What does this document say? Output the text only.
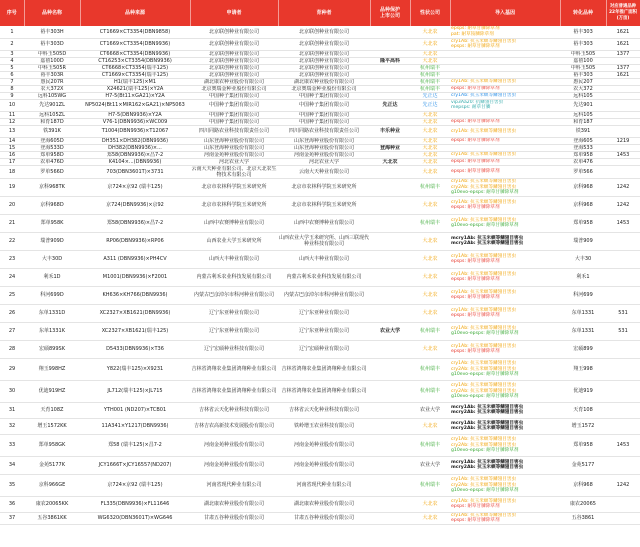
序号	品种名称	品种来源	申请者	育种者	品种保护
上市公司	性状公司	导入基因	转化品种	对应普通品种
22年推广面积
(万亩)
1	裕丰303H	CT1669×CT3354(DBN9858)	北京联创种业有限公司	北京联创种业有限公司		大北农	epsps: 耐草甘膦除草剂
pat: 耐草铵膦除草剂	裕丰303	1621
2	裕丰303D	CT1669×CT3354(DBN9936)	北京联创种业有限公司	北京联创种业有限公司		大北农	cry1Ab: 抗玉米螟等鳞翅目害虫
epsps: 耐草甘膦除草剂	裕丰303	1621
3	中科玉505D	CT6668×CT3354(DBN9936)	北京联创种业有限公司	北京联创种业有限公司		大北农		中科玉505	1377
4	嘉禧100D	CT16253×CT3354(DBN9936)	北京联创种业有限公司	北京联创种业有限公司	隆平高科	大北农		嘉禧100	
5	中科玉505R	CT6668×CT3354(瑞丰125)	北京联创种业有限公司	北京联创种业有限公司		杭州瑞丰		中科玉505	1377
6	裕丰303R	CT1669×CT3354(瑞丰125)	北京联创种业有限公司	北京联创种业有限公司		杭州瑞丰		裕丰303	1621
7	惠民207R	H1(瑞丰125)×M1	湖北康农种业股份有限公司	湖北康农种业股份有限公司		杭州瑞丰	cry1Ab: 抗玉米螟等鳞翅目害虫	惠民207	
8	农大372X	X24621(瑞丰125)×Y2A	北京奥瑞金种业股份有限公司	北京奥瑞金种业股份有限公司		杭州瑞丰	epsps: 耐草甘膦除草剂	农大372	
9	远科105WG	H7-5(Bt11×GA21)×Y2A	中国种子集团有限公司	中国种子集团有限公司		先正达	cry1Ab: 抗玉米螟等鳞翅目害虫	远科105	
10	先达901ZL	NP5024(Bt11×MIR162×GA21)×NP5063	中国种子集团有限公司	中国种子集团有限公司	先正达	先正达	vip3Aa20: 抗鳞翅目害虫
mepsps: 耐草甘膦	先达901	
11	远科105ZL	H7-5(DBN9936)×Y2A	中国种子集团有限公司	中国种子集团有限公司		大北农		远科105	
12	和育187D	V76-1(DBN9936)×WC009	中国种子集团有限公司	中国种子集团有限公司		大北农	epsps: 耐草甘膦除草剂	和育187	
13	铁391K	T1004(DBN9936)×T12067	四川同路农业科技有限责任公司	四川同路农业科技有限责任公司	丰乐种业	大北农	cry1Ab: 抗玉米螟等鳞翅目害虫	铁391	
14	登海605D	DH351×DH382(DBN9936)	山东登海种业股份有限公司	山东登海种业股份有限公司		大北农	epsps: 耐草甘膦除草剂	登海605	1219
15	登海533D	DH382(DBN9936)×...	山东登海种业股份有限公司	山东登海种业股份有限公司	登海种业	大北农		登海533	
16	郑单958D	郑58(DBN9936)×昌7-2	河南金苑种业股份有限公司	河南金苑种业股份有限公司		大北农	cry1Ab: 抗玉米螟等鳞翅目害虫	郑单958	1453
17	农单476D	K4104×...(DBN9936)	河北农业大学	河北农业大学	大北农	大北农	epsps: 耐草甘膦除草剂	农单476	
18	罗单566D	703(DBN3601T)×3731	云南大天种业有限公司、北京大北农生物技术有限公司	云南大天种业有限公司		大北农	epsps: 耐草甘膦除草剂	罗单566	
19	京科968TK	京724×京92 (瑞丰125)	北京市农林科学院玉米研究所	北京市农林科学院玉米研究所		杭州瑞丰	cry1Ab: 抗玉米螟等鳞翅目害虫
cry2Ab: 抗玉米螟等鳞翅目害虫
g10evo-epsps: 耐草甘膦除草剂	京科968	1242
20	京科968D	京724(DBN9936)×京92	北京市农林科学院玉米研究所	北京市农林科学院玉米研究所		大北农	cry1Ab: 抗玉米螟等鳞翅目害虫
epsps: 耐草甘膦除草剂	京科968	1242
21	郑单958K	郑58(DBN9936)×昌7-2	山西中农赛博种业有限公司	山西中农赛博种业有限公司		杭州瑞丰	cry1Ab: 抗玉米螟等鳞翅目害虫
g10evo-epsps: 耐草甘膦除草剂	郑单958	1453
22	瑞普909D	RP06(DBN9936)×RP06	山西农业大学玉米研究所	山西农业大学玉米研究所、山西三联现代种业科技有限公司		大北农	mcry1Ab: 抗玉米螟等鳞翅目害虫
mcry2Ab: 抗玉米螟等鳞翅目害虫	瑞普909	
23	大丰30D	A311 (DBN9936)×PH4CV	山西大丰种业有限公司	山西大丰种业有限公司		大北农	cry1Ab: 抗玉米螟等鳞翅目害虫
epsps: 耐草甘膦除草剂	大丰30	
24	利禾1D	M1001(DBN9936)×F2001	内蒙古利禾农业科技发展有限公司	内蒙古利禾农业科技发展有限公司		大北农	cry1Ab: 抗玉米螟等鳞翅目害虫
epsps: 耐草甘膦除草剂	利禾1	
25	科河699D	KH636×KH766(DBN9936)	内蒙古巴彦淖尔市科河种业有限公司	内蒙古巴彦淖尔市科河种业有限公司		大北农	cry1Ab: 抗玉米螟等鳞翅目害虫
epsps: 耐草甘膦除草剂	科河699	
26	东单1331D	XC2327×XB1621(DBN9936)	辽宁东亚种业有限公司	辽宁东亚种业有限公司		大北农	cry1Ab: 抗玉米螟等鳞翅目害虫
epsps: 耐草甘膦除草剂	东单1331	531
27	东单1331K	XC2327×XB1621(瑞丰125)	辽宁东亚种业有限公司	辽宁东亚种业有限公司	农业大学	杭州瑞丰	cry1Ab: 抗玉米螟等鳞翅目害虫
g10evo-epsps: 耐草甘膦除草剂	东单1331	531
28	宏硕899SK	D5433(DBN9936)×T36	辽宁宏硕种业科技有限公司	辽宁宏硕种业有限公司		大北农	cry1Ab: 抗玉米螟等鳞翅目害虫
epsps: 耐草甘膦除草剂	宏硕899	
29	翔玉998HZ	Y822(瑞丰125)×X9231	吉林省鸿翔农业集团鸿翔种业有限公司	吉林省鸿翔农业集团鸿翔种业有限公司		杭州瑞丰	cry1Ab: 抗玉米螟等鳞翅目害虫
cry2Ab: 抗玉米螟等鳞翅目害虫
g10evo-epsps: 耐草甘膦除草剂	翔玉998	
30	优迪919HZ	JL712(瑞丰125)×JL715	吉林省鸿翔农业集团鸿翔种业有限公司	吉林省鸿翔农业集团鸿翔种业有限公司		杭州瑞丰	cry1Ab: 抗玉米螟等鳞翅目害虫
cry2Ab: 抗玉米螟等鳞翅目害虫
g10evo-epsps: 耐草甘膦除草剂	优迪919	
31	天育108Z	YTH001 (ND207)×TCB01	吉林省云天化种业科技有限公司	吉林省云天化种业科技有限公司		农业大学	mcry1Ab: 抗玉米螟等鳞翅目害虫
mcry2Ab: 抗玉米螟等鳞翅目害虫	天育108	
32	增玉1572KK	11A341×Y1217(DBN9936)	吉林吉农高新技术发展股份有限公司	铁岭增玉农业科技有限公司		大北农	mcry1Ab: 抗玉米螟等鳞翅目害虫
mcry2Ab: 抗玉米螟等鳞翅目害虫	增玉1572	
33	郑单958GK	郑58 (瑞丰125)×昌7-2	河南金苑种业股份有限公司	河南金苑种业股份有限公司		杭州瑞丰	cry1Ab: 抗玉米螟等鳞翅目害虫
cry2Ab: 抗玉米螟等鳞翅目害虫
g10evo-epsps: 耐草甘膦除草剂	郑单958	1453
34	金苑5177K	JCY1666T×JCY16557(ND207)	河南金苑种业股份有限公司	河南金苑种业股份有限公司		农业大学	mcry1Ab: 抗玉米螟等鳞翅目害虫
mcry2Ab: 抗玉米螟等鳞翅目害虫	金苑5177	
35	京科966GE	京724×京92 (瑞丰125)	河南省现代种业有限公司	河南省现代种业有限公司		杭州瑞丰	cry1Ab: 抗玉米螟等鳞翅目害虫
cry2Ab: 抗玉米螟等鳞翅目害虫
g10evo-epsps: 耐草甘膦除草剂	京科968	1242
36	康农20065KK	FL335(DBN9936)×FL11646	湖北康农种业股份有限公司	湖北康农种业股份有限公司		大北农	cry1Ab: 抗玉米螟等鳞翅目害虫
epsps: 耐草甘膦除草剂	康农20065	
37	五谷3861KK	WG6320(DBN3601T)×WG646	甘肃五谷种业股份有限公司	甘肃五谷种业股份有限公司		大北农	cry1Ab: 抗玉米螟等鳞翅目害虫
epsps: 耐草甘膦除草剂	五谷3861	
